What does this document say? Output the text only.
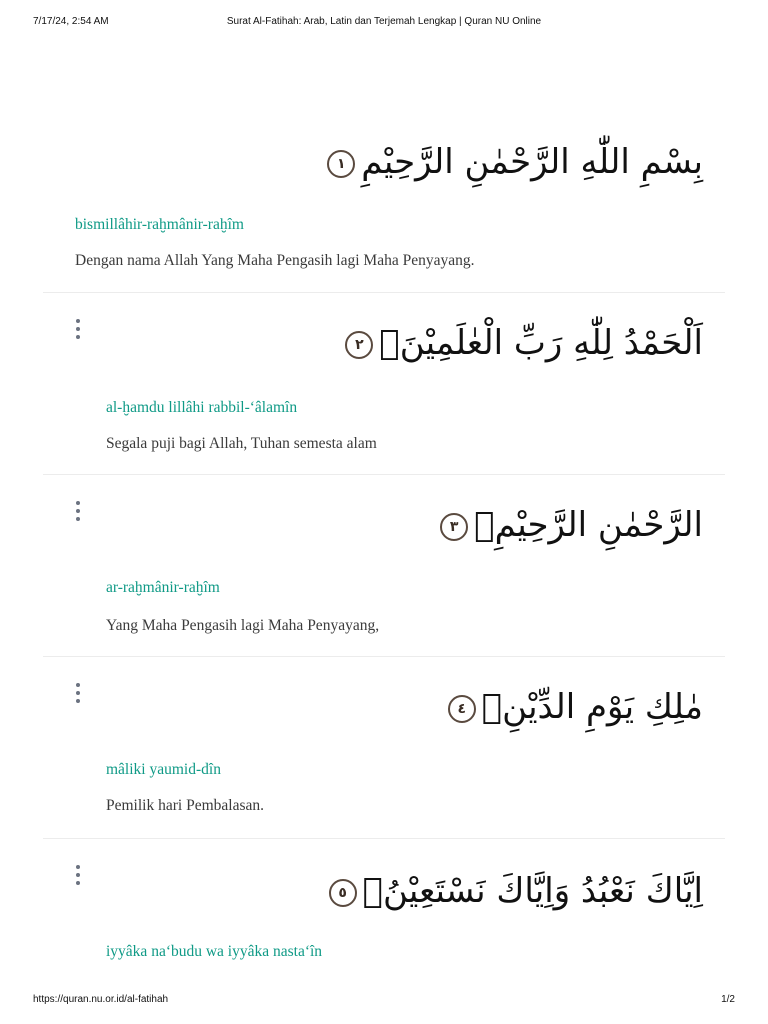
7/17/24, 2:54 AM	Surat Al-Fatihah: Arab, Latin dan Terjemah Lengkap | Quran NU Online
بِسْمِ اللّٰهِ الرَّحْمٰنِ الرَّحِيْمِ١
bismillâhir-raḫmânir-raḫîm
Dengan nama Allah Yang Maha Pengasih lagi Maha Penyayang.
اَلْحَمْدُ لِلّٰهِ رَبِّ الْعٰلَمِيْنَۙ٢
al-ḫamdu lillâhi rabbil-‘âlamîn
Segala puji bagi Allah, Tuhan semesta alam
الرَّحْمٰنِ الرَّحِيْمِۙ٣
ar-raḫmânir-raḫîm
Yang Maha Pengasih lagi Maha Penyayang,
مٰلِكِ يَوْمِ الدِّيْنِۗ٤
mâliki yaumid-dîn
Pemilik hari Pembalasan.
اِيَّاكَ نَعْبُدُ وَاِيَّاكَ نَسْتَعِيْنُۗ٥
iyyâka na‘budu wa iyyâka nasta‘în
https://quran.nu.or.id/al-fatihah	1/2
